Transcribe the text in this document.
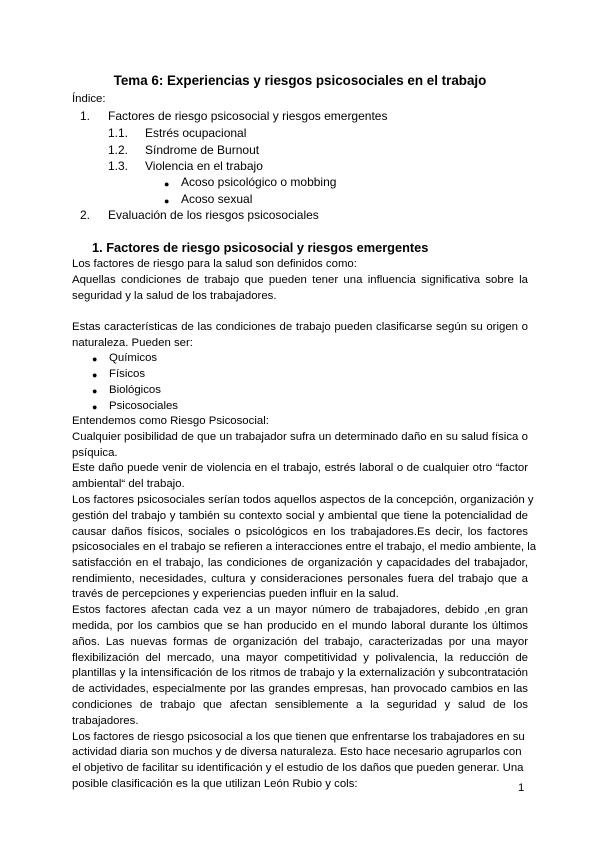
Tema 6: Experiencias y riesgos psicosociales en el trabajo
Índice:
1. Factores de riesgo psicosocial y riesgos emergentes
1.1. Estrés ocupacional
1.2. Síndrome de Burnout
1.3. Violencia en el trabajo
● Acoso psicológico o mobbing
● Acoso sexual
2. Evaluación de los riesgos psicosociales
1. Factores de riesgo psicosocial y riesgos emergentes
Los factores de riesgo para la salud son definidos como:
Aquellas condiciones de trabajo que pueden tener una influencia significativa sobre la
seguridad y la salud de los trabajadores.
Estas características de las condiciones de trabajo pueden clasificarse según su origen o
naturaleza. Pueden ser:
● Químicos
● Físicos
● Biológicos
● Psicosociales
Entendemos como Riesgo Psicosocial:
Cualquier posibilidad de que un trabajador sufra un determinado daño en su salud física o
psíquica.
Este daño puede venir de violencia en el trabajo, estrés laboral o de cualquier otro “factor
ambiental“ del trabajo.
Los factores psicosociales serían todos aquellos aspectos de la concepción, organización y
gestión del trabajo y también su contexto social y ambiental que tiene la potencialidad de
causar daños físicos, sociales o psicológicos en los trabajadores.Es decir, los factores
psicosociales en el trabajo se refieren a interacciones entre el trabajo, el medio ambiente, la
satisfacción en el trabajo, las condiciones de organización y capacidades del trabajador,
rendimiento, necesidades, cultura y consideraciones personales fuera del trabajo que a
través de percepciones y experiencias pueden influir en la salud.
Estos factores afectan cada vez a un mayor número de trabajadores, debido ,en gran
medida, por los cambios que se han producido en el mundo laboral durante los últimos
años. Las nuevas formas de organización del trabajo, caracterizadas por una mayor
flexibilización del mercado, una mayor competitividad y polivalencia, la reducción de
plantillas y la intensificación de los ritmos de trabajo y la externalización y subcontratación
de actividades, especialmente por las grandes empresas, han provocado cambios en las
condiciones de trabajo que afectan sensiblemente a la seguridad y salud de los
trabajadores.
Los factores de riesgo psicosocial a los que tienen que enfrentarse los trabajadores en su
actividad diaria son muchos y de diversa naturaleza. Esto hace necesario agruparlos con
el objetivo de facilitar su identificación y el estudio de los daños que pueden generar. Una
posible clasificación es la que utilizan León Rubio y cols:	1
